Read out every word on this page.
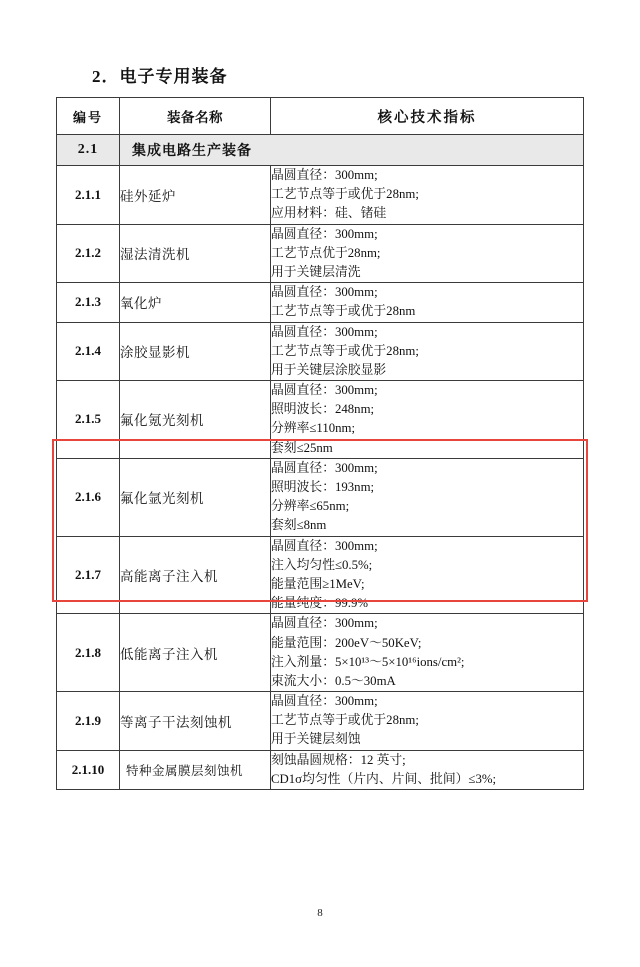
2．电子专用装备
编号	装备名称	核心技术指标
2.1	集成电路生产装备	
2.1.1	硅外延炉	晶圆直径：300mm;
工艺节点等于或优于28nm;
应用材料：硅、锗硅

2.1.2	湿法清洗机	晶圆直径：300mm;
工艺节点优于28nm;
用于关键层清洗

2.1.3	氧化炉	晶圆直径：300mm;
工艺节点等于或优于28nm

2.1.4	涂胶显影机	晶圆直径：300mm;
工艺节点等于或优于28nm;
用于关键层涂胶显影

2.1.5	氟化氪光刻机	晶圆直径：300mm;
照明波长：248nm;
分辨率≤110nm;
套刻≤25nm

2.1.6	氟化氩光刻机	晶圆直径：300mm;
照明波长：193nm;
分辨率≤65nm;
套刻≤8nm

2.1.7	高能离子注入机	晶圆直径：300mm;
注入均匀性≤0.5%;
能量范围≥1MeV;
能量纯度：99.9%

2.1.8	低能离子注入机	晶圆直径：300mm;
能量范围：200eV～50KeV;
注入剂量：5×10¹³～5×10¹⁶ions/cm²;
束流大小：0.5～30mA

2.1.9	等离子干法刻蚀机	晶圆直径：300mm;
工艺节点等于或优于28nm;
用于关键层刻蚀

2.1.10	特种金属膜层刻蚀机	刻蚀晶圆规格：12 英寸;
CD1σ均匀性（片内、片间、批间）≤3%;
8
